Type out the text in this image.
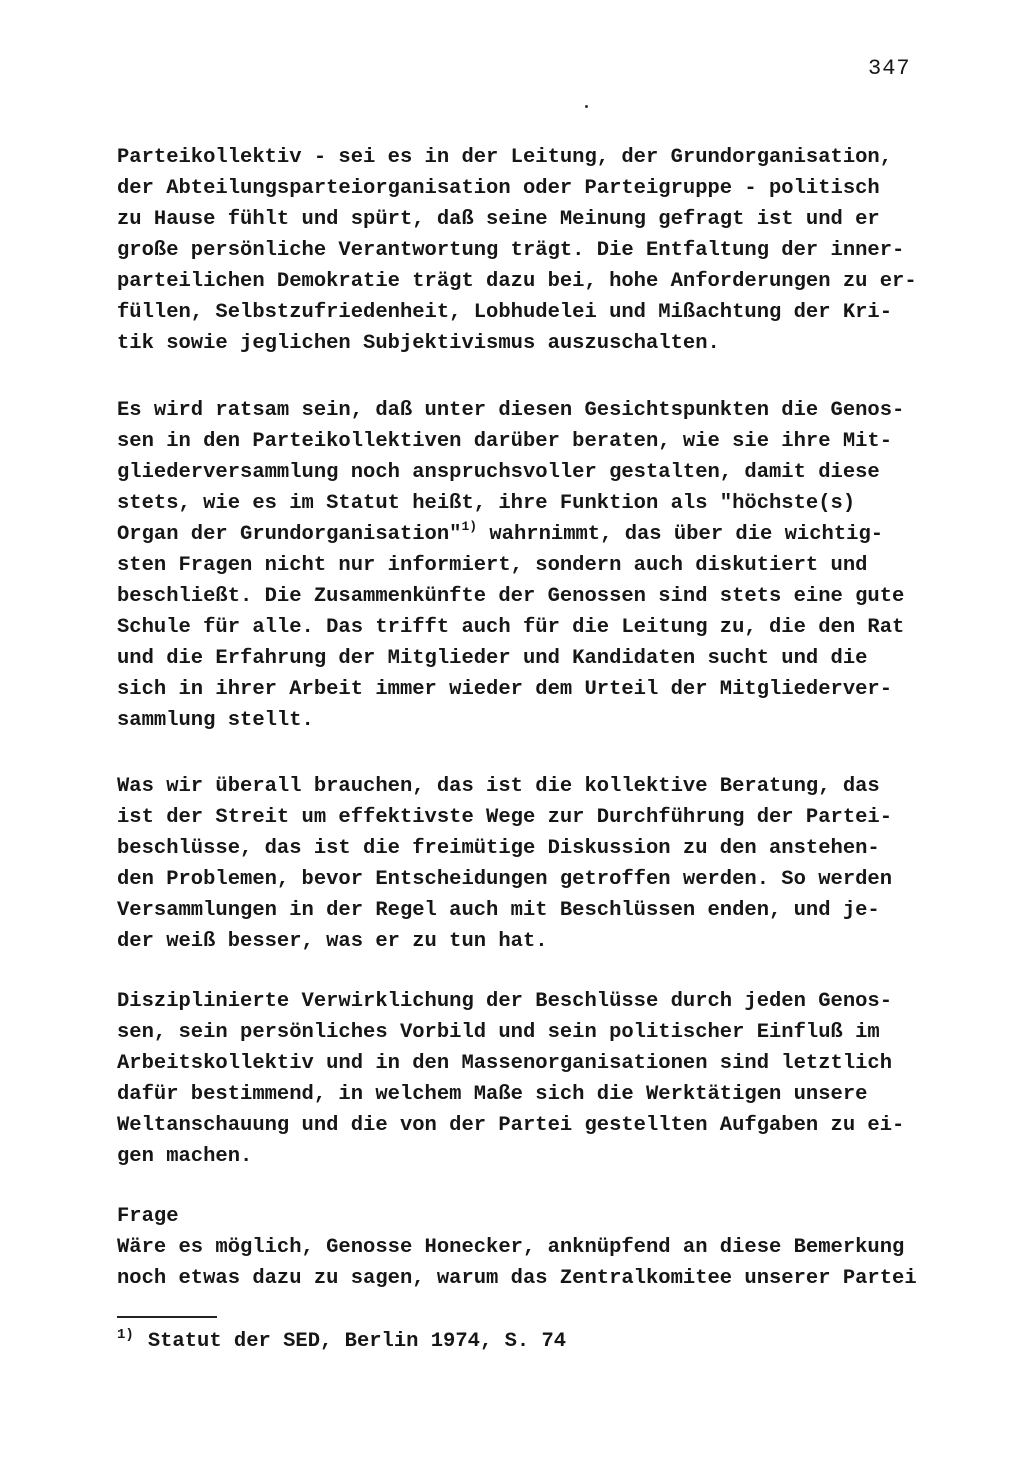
347
Parteikollektiv - sei es in der Leitung, der Grundorganisation,
der Abteilungsparteiorganisation oder Parteigruppe - politisch
zu Hause fühlt und spürt, daß seine Meinung gefragt ist und er
große persönliche Verantwortung trägt. Die Entfaltung der inner-
parteilichen Demokratie trägt dazu bei, hohe Anforderungen zu er-
füllen, Selbstzufriedenheit, Lobhudelei und Mißachtung der Kri-
tik sowie jeglichen Subjektivismus auszuschalten.
Es wird ratsam sein, daß unter diesen Gesichtspunkten die Genos-
sen in den Parteikollektiven darüber beraten, wie sie ihre Mit-
gliederversammlung noch anspruchsvoller gestalten, damit diese
stets, wie es im Statut heißt, ihre Funktion als "höchste(s)
Organ der Grundorganisation"$^{1)}$ wahrnimmt, das über die wichtig-
sten Fragen nicht nur informiert, sondern auch diskutiert und
beschließt. Die Zusammenkünfte der Genossen sind stets eine gute
Schule für alle. Das trifft auch für die Leitung zu, die den Rat
und die Erfahrung der Mitglieder und Kandidaten sucht und die
sich in ihrer Arbeit immer wieder dem Urteil der Mitgliederver-
sammlung stellt.
Was wir überall brauchen, das ist die kollektive Beratung, das
ist der Streit um effektivste Wege zur Durchführung der Partei-
beschlüsse, das ist die freimütige Diskussion zu den anstehen-
den Problemen, bevor Entscheidungen getroffen werden. So werden
Versammlungen in der Regel auch mit Beschlüssen enden, und je-
der weiß besser, was er zu tun hat.
Disziplinierte Verwirklichung der Beschlüsse durch jeden Genos-
sen, sein persönliches Vorbild und sein politischer Einfluß im
Arbeitskollektiv und in den Massenorganisationen sind letztlich
dafür bestimmend, in welchem Maße sich die Werktätigen unsere
Weltanschauung und die von der Partei gestellten Aufgaben zu ei-
gen machen.
Frage
Wäre es möglich, Genosse Honecker, anknüpfend an diese Bemerkung
noch etwas dazu zu sagen, warum das Zentralkomitee unserer Partei
$^{1)}$ Statut der SED, Berlin 1974, S. 74
